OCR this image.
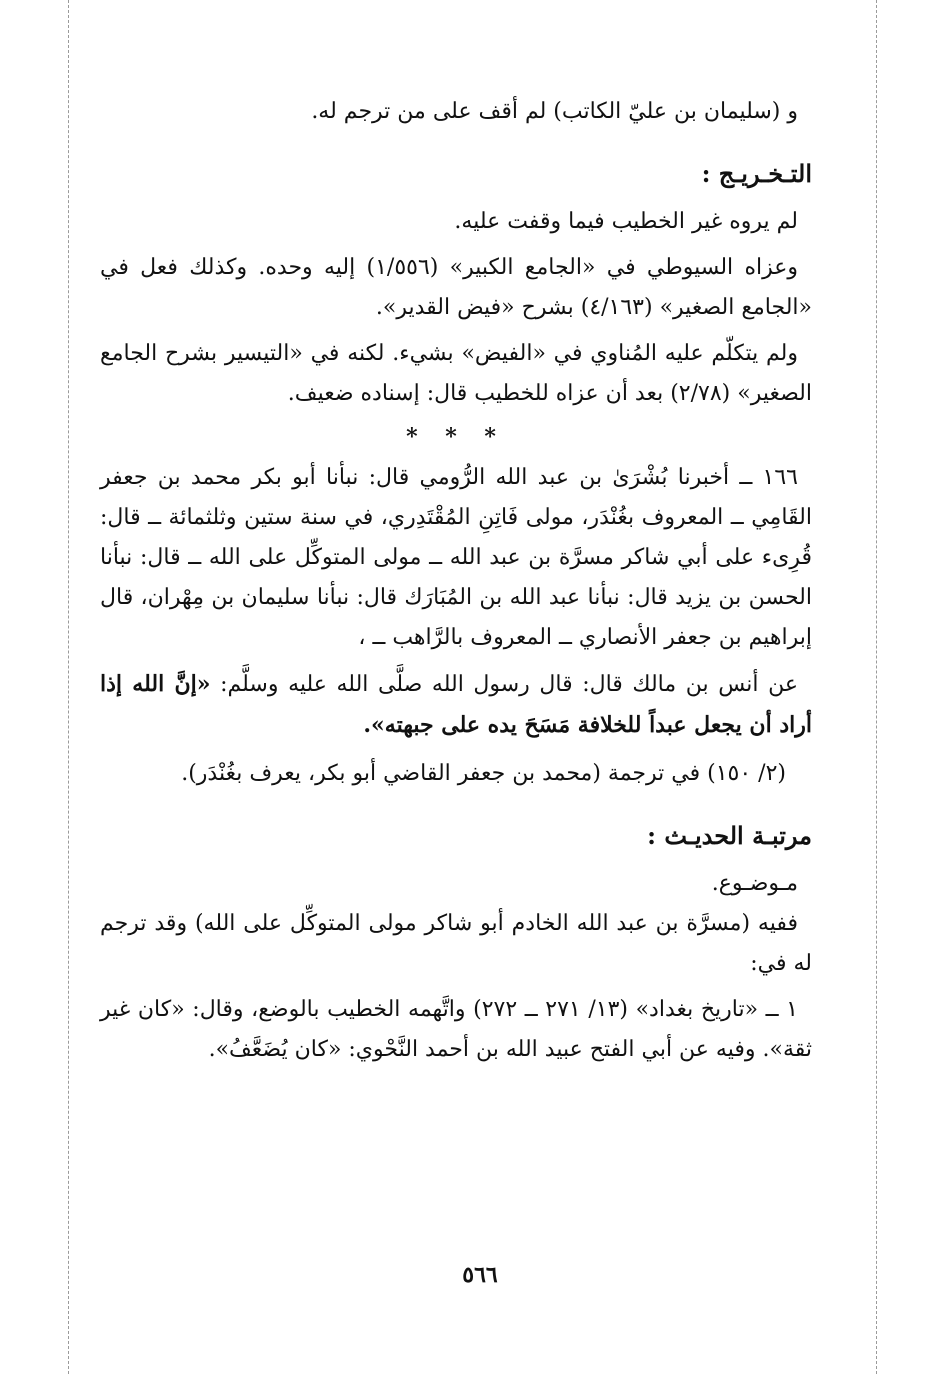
و (سليمان بن عليّ الكاتب) لم أقف على من ترجم له.

التـخـريـج :

لم يروه غير الخطيب فيما وقفت عليه.

وعزاه السيوطي في «الجامع الكبير» (١/٥٥٦) إليه وحده. وكذلك فعل في «الجامع الصغير» (٤/١٦٣) بشرح «فيض القدير».

ولم يتكلّم عليه المُناوي في «الفيض» بشيء. لكنه في «التيسير بشرح الجامع الصغير» (٢/٧٨) بعد أن عزاه للخطيب قال: إسناده ضعيف.

* * *

١٦٦ ــ أخبرنا بُشْرَىٰ بن عبد الله الرُّومي قال: نبأنا أبو بكر محمد بن جعفر القَامِي ــ المعروف بغُنْدَر، مولى فَاتِنِ المُقْتَدِري، في سنة ستين وثلثمائة ــ قال: قُرِىء على أبي شاكر مسرَّة بن عبد الله ــ مولى المتوكِّل على الله ــ قال: نبأنا الحسن بن يزيد قال: نبأنا عبد الله بن المُبَارَك قال: نبأنا سليمان بن مِهْران، قال إبراهيم بن جعفر الأنصاري ــ المعروف بالرَّاهب ــ ،

عن أنس بن مالك قال: قال رسول الله صلَّى الله عليه وسلَّم: «إنَّ الله إذا أراد أن يجعل عبداً للخلافة مَسَحَ يده على جبهته».

(٢/ ١٥٠) في ترجمة (محمد بن جعفر القاضي أبو بكر، يعرف بغُنْدَر).

مرتبـة الحديـث :

مـوضـوع.

ففيه (مسرَّة بن عبد الله الخادم أبو شاكر مولى المتوكِّل على الله) وقد ترجم له في:

١ ــ «تاريخ بغداد» (١٣/ ٢٧١ ــ ٢٧٢) واتَّهمه الخطيب بالوضع، وقال: «كان غير ثقة». وفيه عن أبي الفتح عبيد الله بن أحمد النَّحْوي: «كان يُضَعَّفُ».

٥٦٦
